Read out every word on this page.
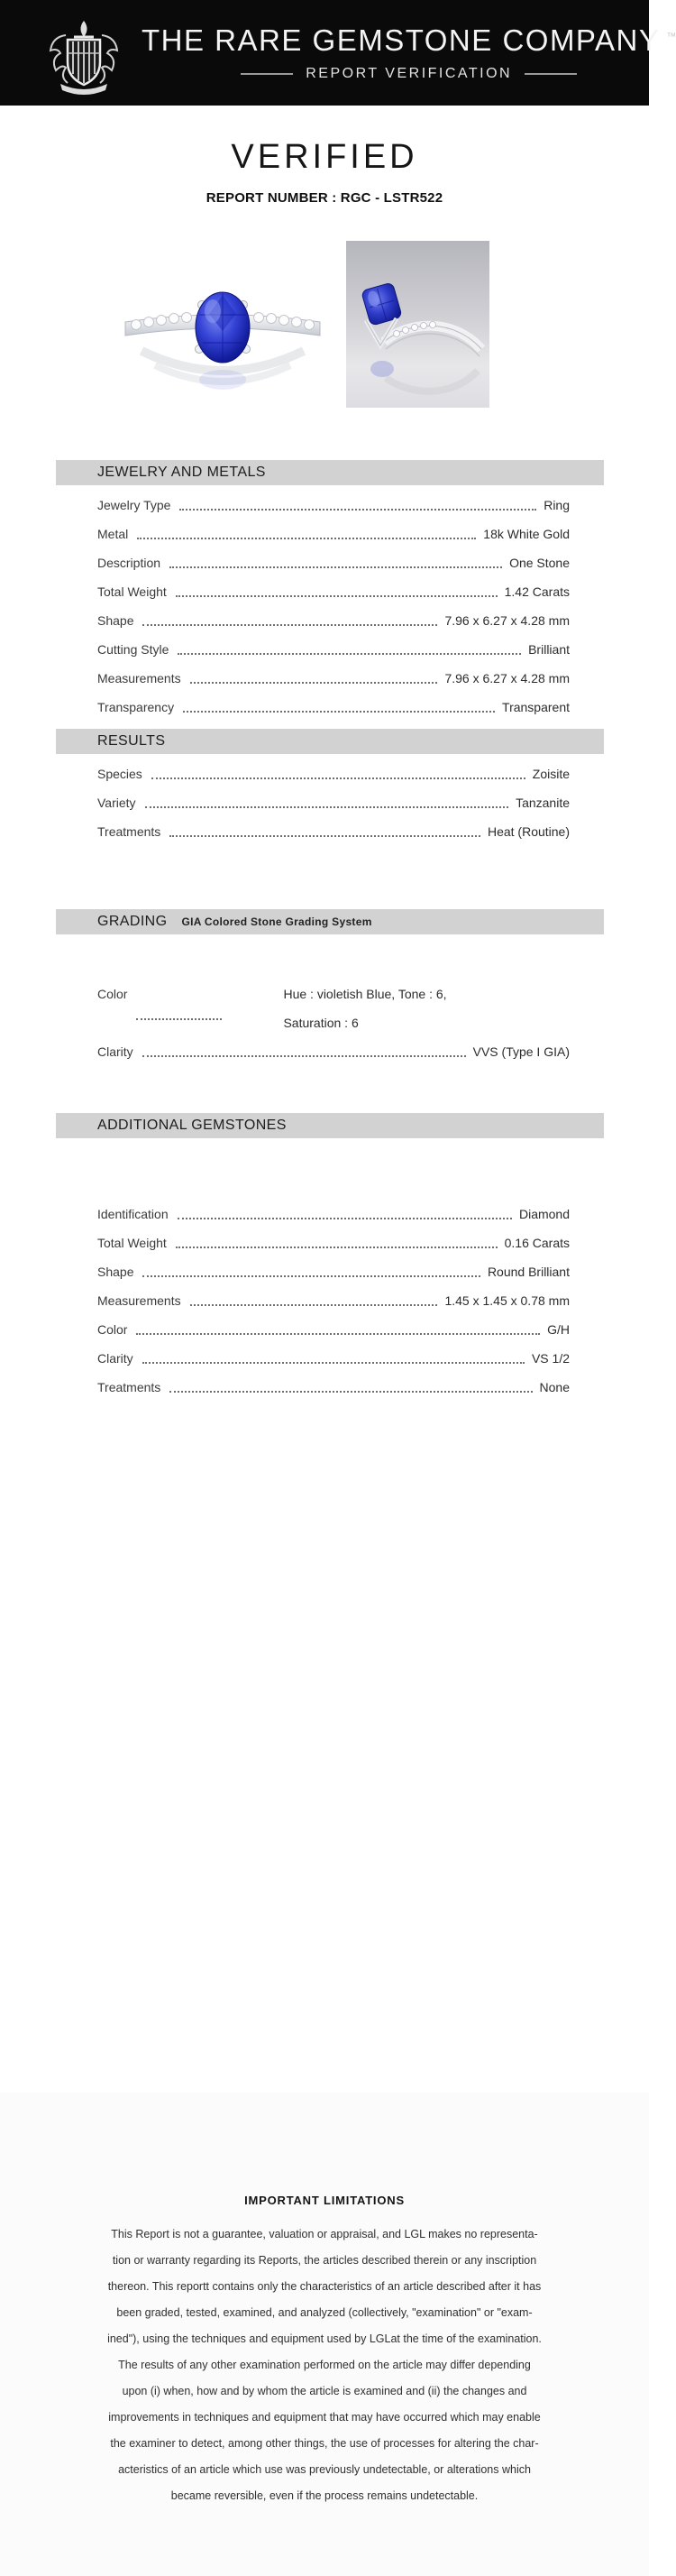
THE RARE GEMSTONE COMPANY ™
REPORT VERIFICATION
VERIFIED
REPORT NUMBER : RGC - LSTR522
JEWELRY AND METALS
Jewelry Type	Ring
Metal	18k White Gold
Description	One Stone
Total Weight	1.42 Carats
Shape	7.96 x 6.27 x 4.28 mm
Cutting Style	Brilliant
Measurements	7.96 x 6.27 x 4.28 mm
Transparency	Transparent
RESULTS
Species	Zoisite
Variety	Tanzanite
Treatments	Heat (Routine)
GRADING GIA Colored Stone Grading System
Color	Hue : violetish Blue, Tone : 6,
Saturation : 6
Clarity	VVS (Type I GIA)
ADDITIONAL GEMSTONES
Identification	Diamond
Total Weight	0.16 Carats
Shape	Round Brilliant
Measurements	1.45 x 1.45 x 0.78 mm
Color	G/H
Clarity	VS 1/2
Treatments	None
IMPORTANT LIMITATIONS
This Report is not a guarantee, valuation or appraisal, and LGL makes no representa-
tion or warranty regarding its Reports, the articles described therein or any inscription
thereon. This reportt contains only the characteristics of an article described after it has
been graded, tested, examined, and analyzed (collectively, "examination" or "exam-
ined"), using the techniques and equipment used by LGLat the time of the examination.
The results of any other examination performed on the article may differ depending
upon (i) when, how and by whom the article is examined and (ii) the changes and
improvements in techniques and equipment that may have occurred which may enable
the examiner to detect, among other things, the use of processes for altering the char-
acteristics of an article which use was previously undetectable, or alterations which
became reversible, even if the process remains undetectable.
